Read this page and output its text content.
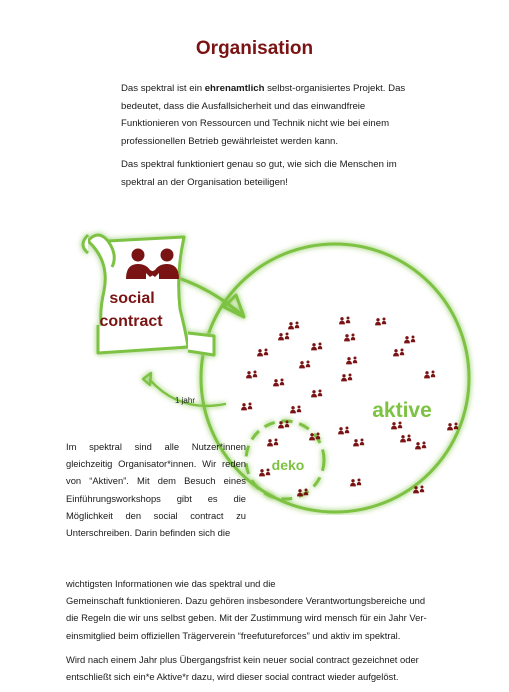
Organisation

Das spektral ist ein ehrenamtlich selbst-organisiertes Projekt. Das bedeutet, dass die Ausfallsicherheit und das einwandfreie Funktionieren von Ressourcen und Technik nicht wie bei einem professionellen Betrieb gewährleistet werden kann.

Das spektral funktioniert genau so gut, wie sich die Menschen im spektral an der Organisation beteiligen!

social
contract
1 jahr	aktive
deko
Im spektral sind alle Nutzer*innen gleichzeitig Organisator*innen. Wir reden von “Aktiven”. Mit dem Besuch eines Einführungsworkshops gibt es die Möglichkeit den social contract zu Unterschreiben. Darin befinden sich die

wichtigsten Informationen wie das spektral und die

Gemeinschaft funktionieren. Dazu gehören insbesondere Verantwortungsbereiche und

die Regeln die wir uns selbst geben. Mit der Zustimmung wird mensch für ein Jahr Ver-

einsmitglied beim offiziellen Trägerverein “freefutureforces” und aktiv im spektral.

Wird nach einem Jahr plus Übergangsfrist kein neuer social contract gezeichnet oder

entschließt sich ein*e Aktive*r dazu, wird dieser social contract wieder aufgelöst.
